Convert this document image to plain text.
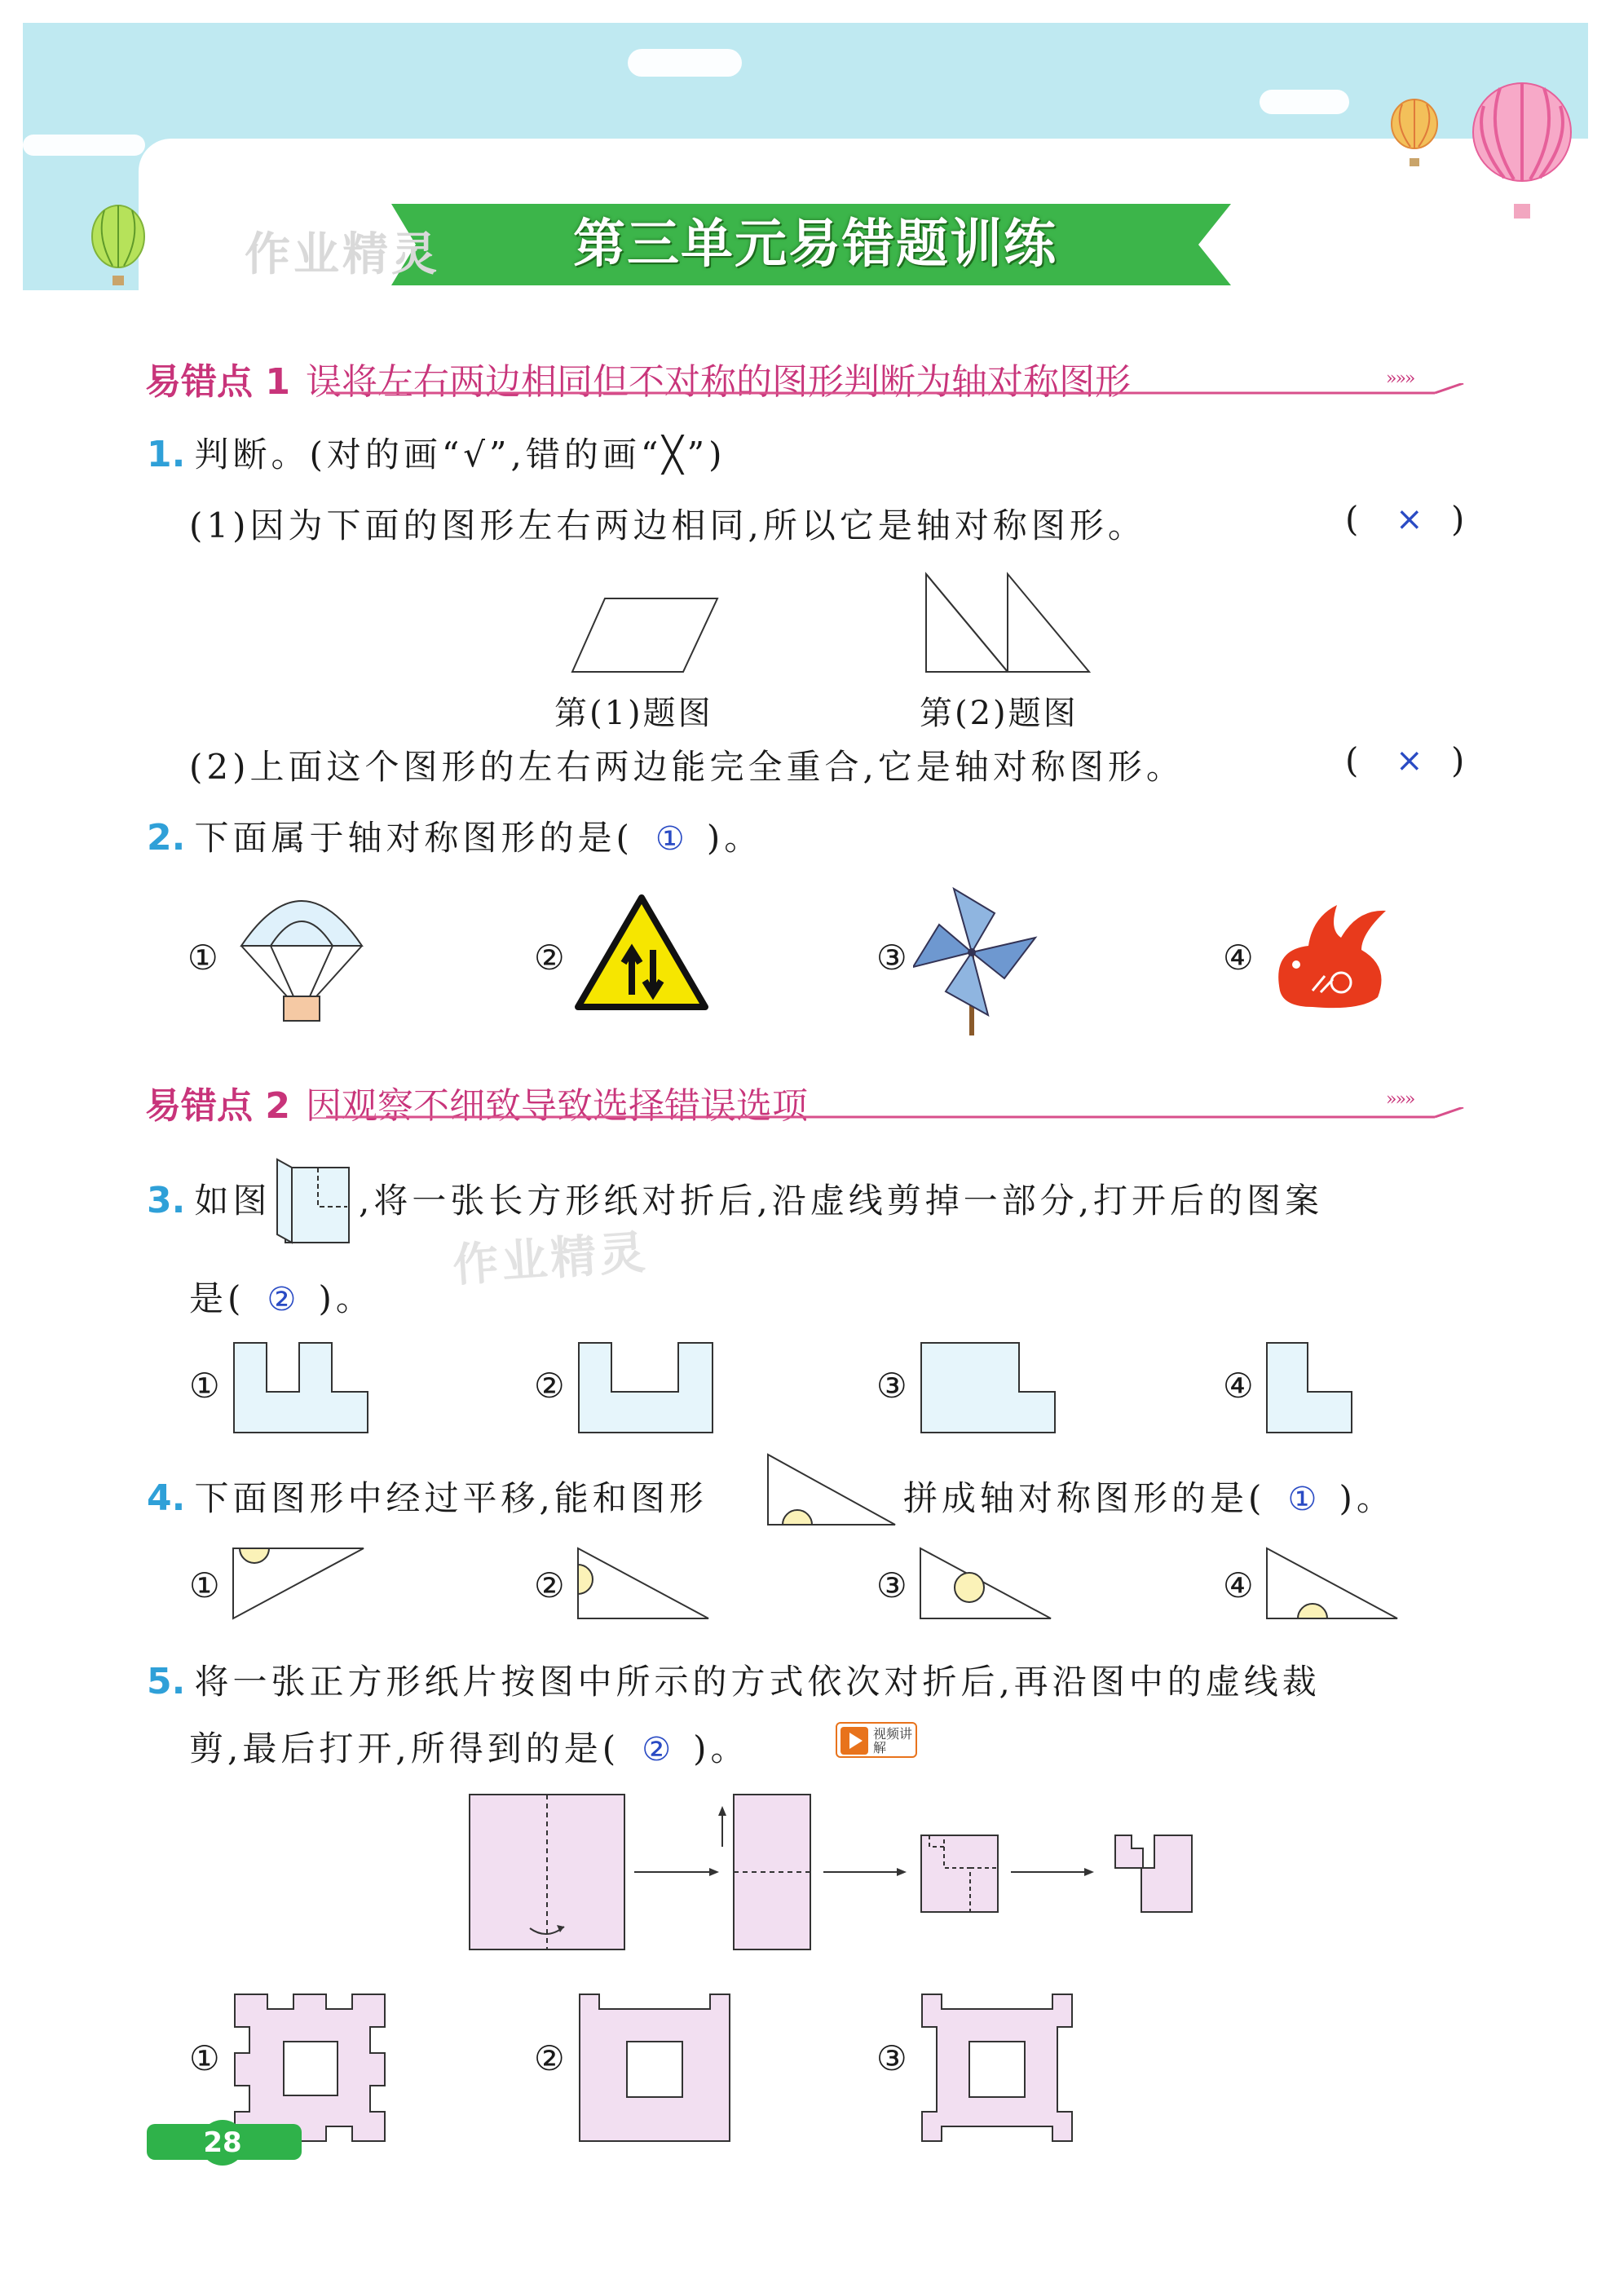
作业精灵	第三单元易错题训练
易错点 1 误将左右两边相同但不对称的图形判断为轴对称图形	»»»
1. 判断。(对的画“√”,错的画“╳”)
(1)因为下面的图形左右两边相同,所以它是轴对称图形。	( × )
第(1)题图	第(2)题图
(2)上面这个图形的左右两边能完全重合,它是轴对称图形。	( × )
2. 下面属于轴对称图形的是( ① )。
①	②	③	④
易错点 2 因观察不细致导致选择错误选项	»»»
3. 如图	,将一张长方形纸对折后,沿虚线剪掉一部分,打开后的图案
作业精灵
是( ② )。
①	②	③	④
4. 下面图形中经过平移,能和图形	拼成轴对称图形的是( ① )。
①	②	③	④
5. 将一张正方形纸片按图中所示的方式依次对折后,再沿图中的虚线裁
剪,最后打开,所得到的是( ② )。	视频讲解
①	②	③
28
